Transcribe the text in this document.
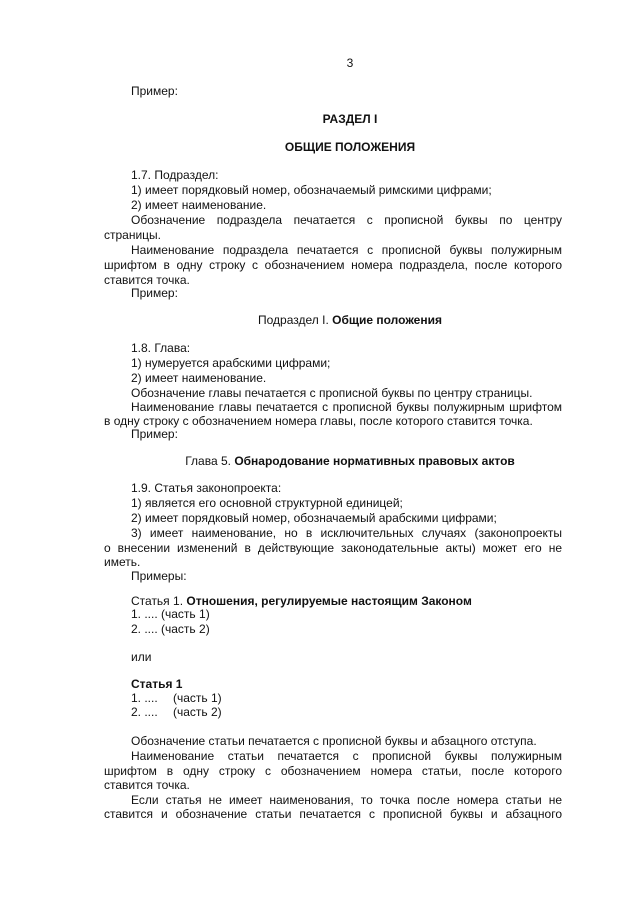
3
Пример:
РАЗДЕЛ I
ОБЩИЕ ПОЛОЖЕНИЯ
1.7. Подраздел:
1) имеет порядковый номер, обозначаемый римскими цифрами;
2) имеет наименование.
Обозначение подраздела печатается с прописной буквы по центру
страницы.
Наименование подраздела печатается с прописной буквы полужирным
шрифтом в одну строку с обозначением номера подраздела, после которого
ставится точка.
Пример:
Подраздел I. Общие положения
1.8. Глава:
1) нумеруется арабскими цифрами;
2) имеет наименование.
Обозначение главы печатается с прописной буквы по центру страницы.
Наименование главы печатается с прописной буквы полужирным шрифтом
в одну строку с обозначением номера главы, после которого ставится точка.
Пример:
Глава 5. Обнародование нормативных правовых актов
1.9. Статья законопроекта:
1) является его основной структурной единицей;
2) имеет порядковый номер, обозначаемый арабскими цифрами;
3) имеет наименование, но в исключительных случаях (законопроекты
о внесении изменений в действующие законодательные акты) может его не
иметь.
Примеры:
Статья 1. Отношения, регулируемые настоящим Законом
1. .... (часть 1)
2. .... (часть 2)
или
Статья 1
1. .... (часть 1)
2. .... (часть 2)
Обозначение статьи печатается с прописной буквы и абзацного отступа.
Наименование статьи печатается с прописной буквы полужирным
шрифтом в одну строку с обозначением номера статьи, после которого
ставится точка.
Если статья не имеет наименования, то точка после номера статьи не
ставится и обозначение статьи печатается с прописной буквы и абзацного
